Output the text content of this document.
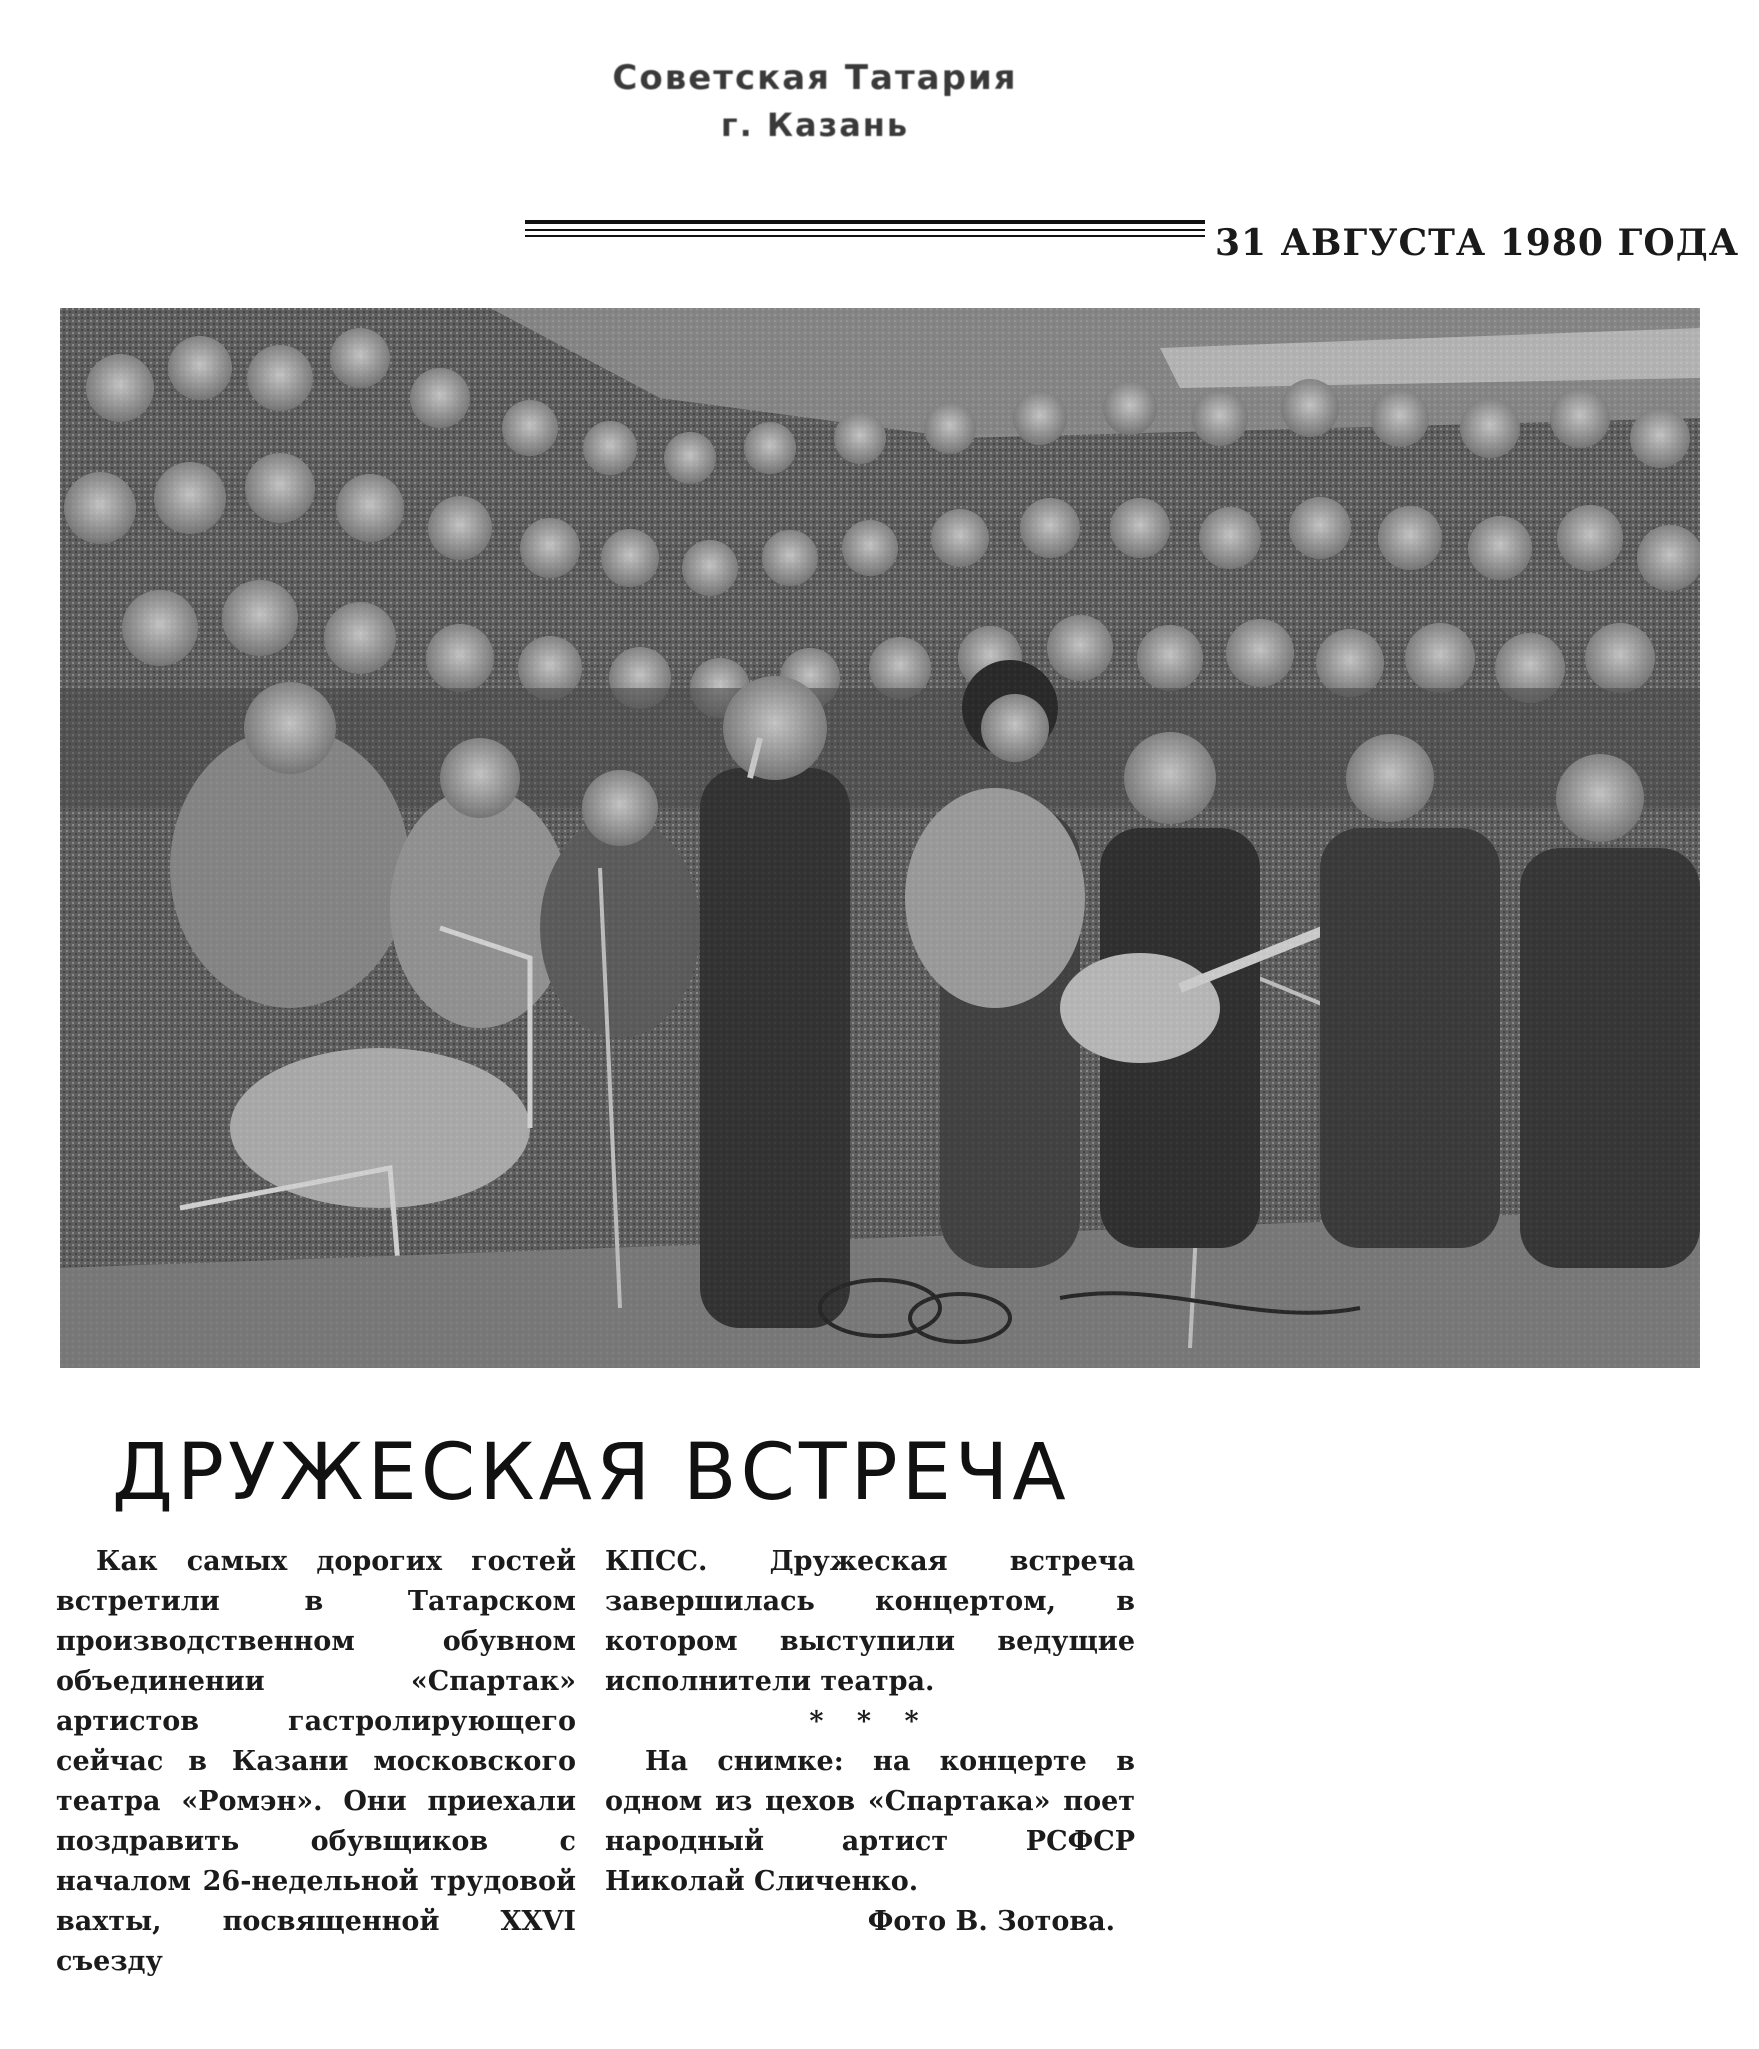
Советская Татария
г. Казань
31 АВГУСТА 1980 ГОДА
ДРУЖЕСКАЯ ВСТРЕЧА

Как самых дорогих гостей встретили в Татарском производственном обувном объединении «Спартак» артистов гастролирующего сейчас в Казани московского театра «Ромэн». Они приехали поздравить обувщиков с началом 26-недельной трудовой вахты, посвященной XXVI съезду

КПСС. Дружеская встреча завершилась концертом, в котором выступили ведущие исполнители театра.

* * *

На снимке: на концерте в одном из цехов «Спартака» поет народный артист РСФСР Николай Сличенко.

Фото В. Зотова.
